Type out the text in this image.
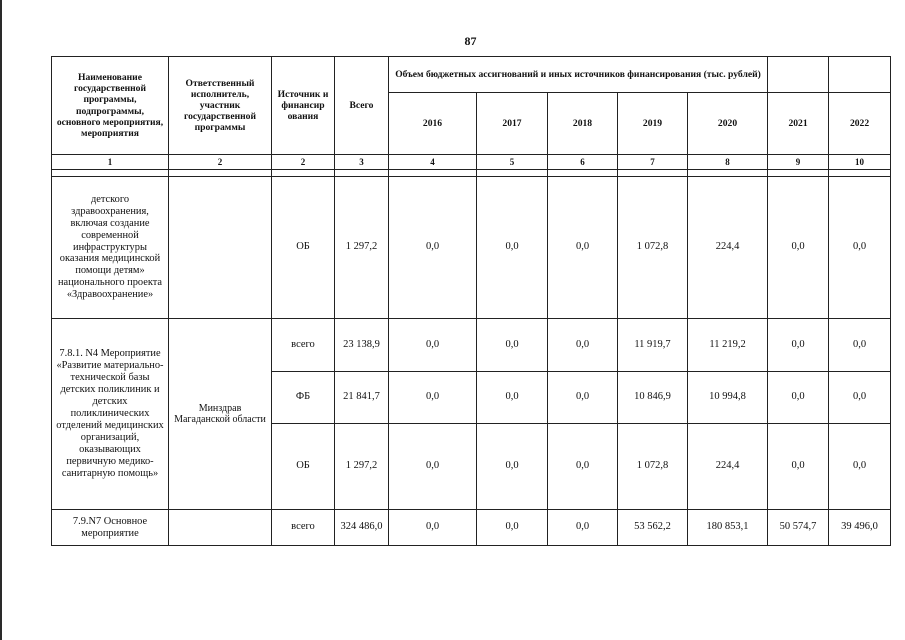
87
Наименование государственной программы, подпрограммы, основного мероприятия, мероприятия	Ответственный исполнитель, участник государственной программы	Источник и финансир ования	Всего	Объем бюджетных ассигнований и иных источников финансирования (тыс. рублей)						
				2016	2017	2018	2019	2020	2021	2022
1	2	2	3	4	5	6	7	8	9	10

детского здравоохранения, включая создание современной инфраструктуры оказания медицинской помощи детям» национального проекта «Здравоохранение»		ОБ	1 297,2	0,0	0,0	0,0	1 072,8	224,4	0,0	0,0
7.8.1. N4 Мероприятие «Развитие материально-технической базы детских поликлиник и детских поликлинических отделений медицинских организаций, оказывающих первичную медико-санитарную помощь»	Минздрав Магаданской области	всего	23 138,9	0,0	0,0	0,0	11 919,7	11 219,2	0,0	0,0
		ФБ	21 841,7	0,0	0,0	0,0	10 846,9	10 994,8	0,0	0,0
		ОБ	1 297,2	0,0	0,0	0,0	1 072,8	224,4	0,0	0,0
7.9.N7 Основное мероприятие		всего	324 486,0	0,0	0,0	0,0	53 562,2	180 853,1	50 574,7	39 496,0
